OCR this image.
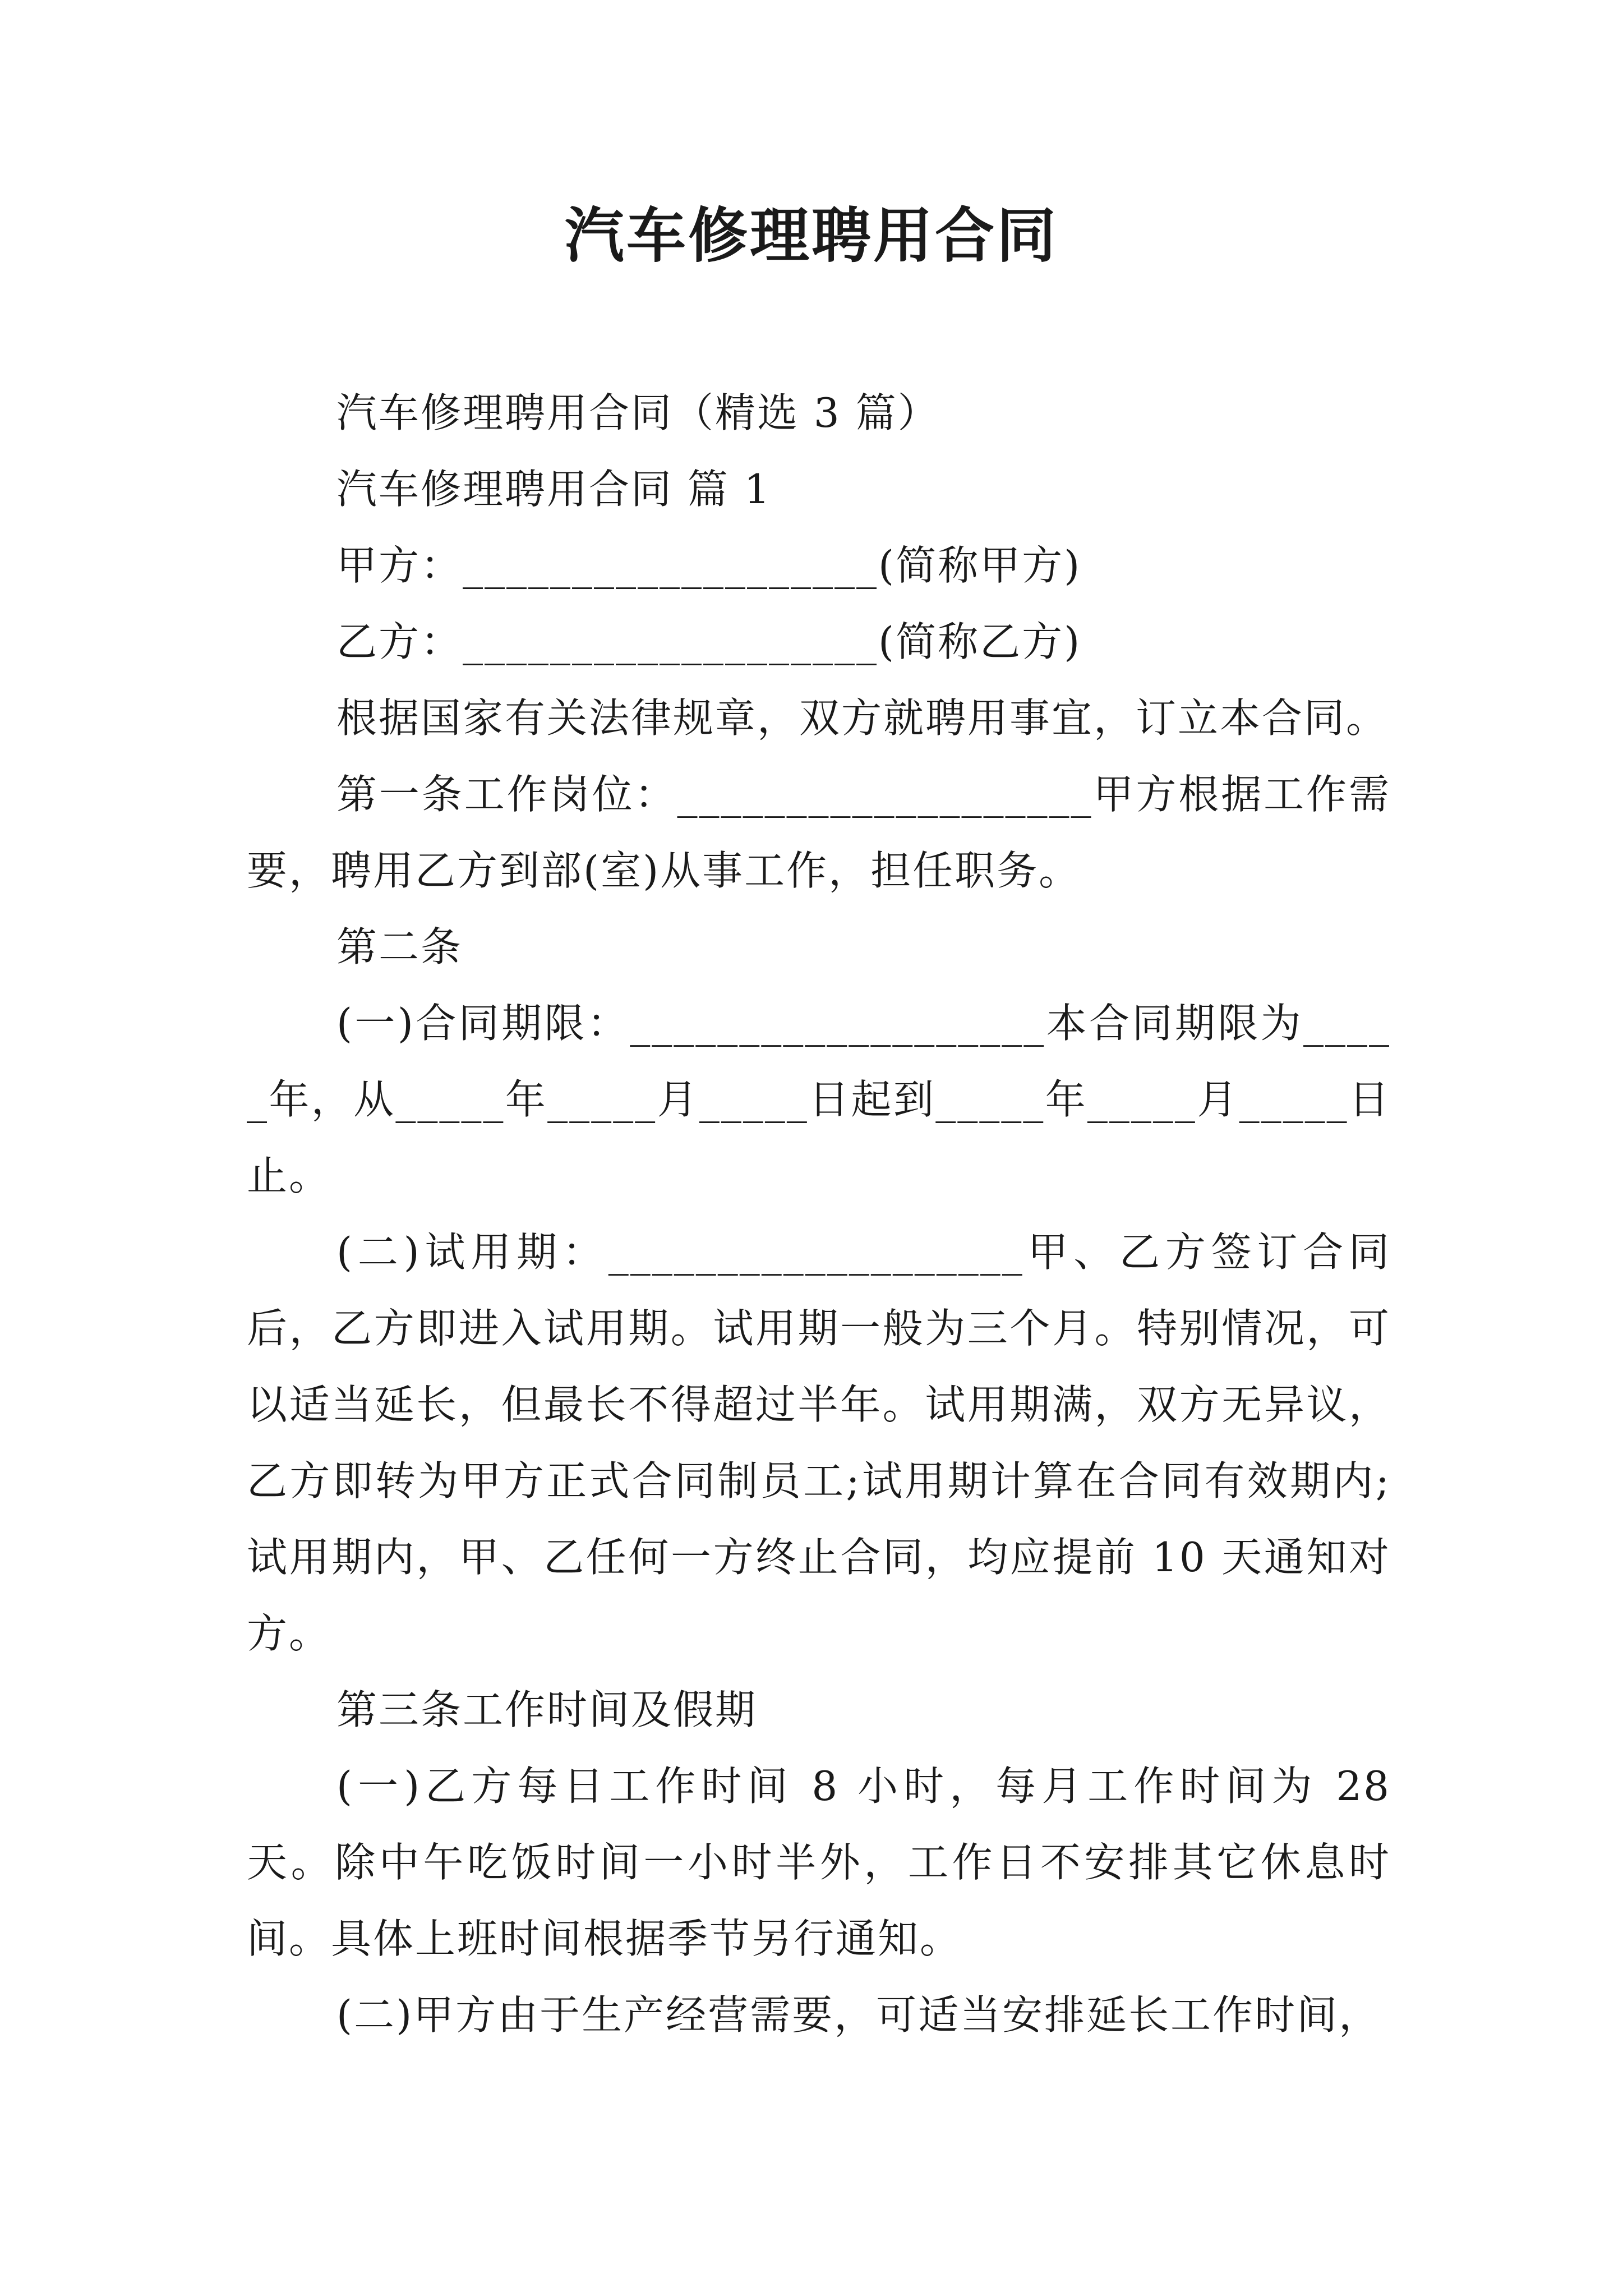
汽车修理聘用合同

汽车修理聘用合同（精选 3 篇）

汽车修理聘用合同 篇 1

甲方：___________________(简称甲方)

乙方：___________________(简称乙方)

根据国家有关法律规章，双方就聘用事宜，订立本合同。

第一条工作岗位：___________________甲方根据工作需要，聘用乙方到部(室)从事工作，担任职务。

第二条

(一)合同期限：___________________本合同期限为_____年，从_____年_____月_____日起到_____年_____月_____日止。

(二)试用期：___________________甲、乙方签订合同后，乙方即进入试用期。试用期一般为三个月。特别情况，可以适当延长，但最长不得超过半年。试用期满，双方无异议，乙方即转为甲方正式合同制员工;试用期计算在合同有效期内;试用期内，甲、乙任何一方终止合同，均应提前 10 天通知对方。

第三条工作时间及假期

(一)乙方每日工作时间 8 小时，每月工作时间为 28 天。除中午吃饭时间一小时半外，工作日不安排其它休息时间。具体上班时间根据季节另行通知。

(二)甲方由于生产经营需要，可适当安排延长工作时间，
